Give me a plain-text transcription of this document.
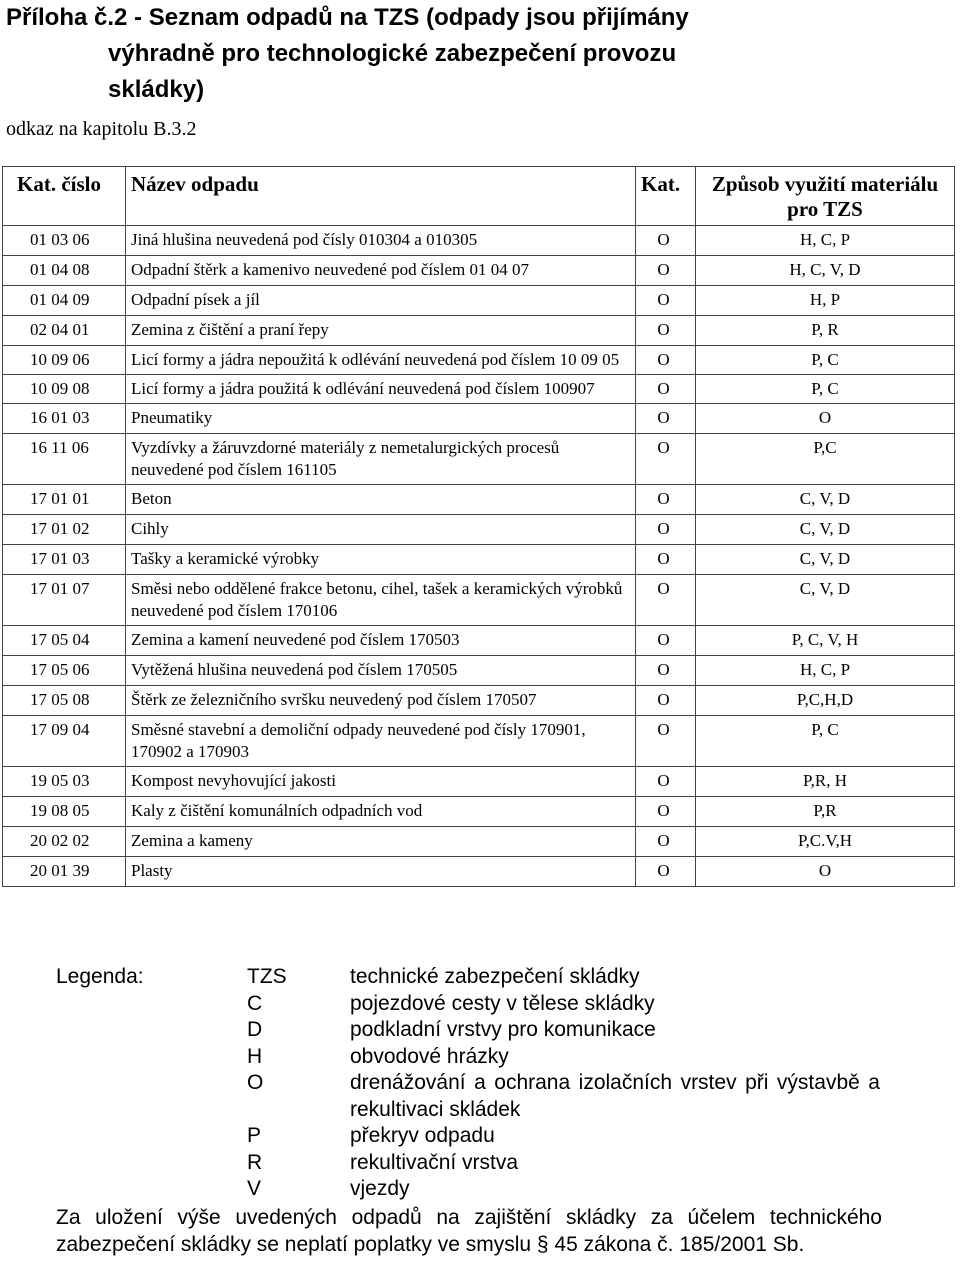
Příloha č.2 - Seznam odpadů na TZS (odpady jsou přijímány
výhradně pro technologické zabezpečení provozu
skládky)
odkaz na kapitolu B.3.2
Kat. číslo	Název odpadu	Kat.	Způsob využití materiálu pro TZS
01 03 06	Jiná hlušina neuvedená pod čísly 010304 a 010305	O	H, C, P
01 04 08	Odpadní štěrk a kamenivo neuvedené pod číslem 01 04 07	O	H, C, V, D
01 04 09	Odpadní písek a jíl	O	H, P
02 04 01	Zemina z čištění a praní řepy	O	P, R
10 09 06	Licí formy a jádra nepoužitá k odlévání neuvedená pod číslem 10 09 05	O	P, C
10 09 08	Licí formy a jádra použitá k odlévání neuvedená pod číslem 100907	O	P, C
16 01 03	Pneumatiky	O	O
16 11 06	Vyzdívky a žáruvzdorné materiály z nemetalurgických procesů neuvedené pod číslem 161105	O	P,C
17 01 01	Beton	O	C, V, D
17 01 02	Cihly	O	C, V, D
17 01 03	Tašky a keramické výrobky	O	C, V, D
17 01 07	Směsi nebo oddělené frakce betonu, cihel, tašek a keramických výrobků neuvedené pod číslem 170106	O	C, V, D
17 05 04	Zemina a kamení neuvedené pod číslem 170503	O	P, C, V, H
17 05 06	Vytěžená hlušina neuvedená pod číslem 170505	O	H, C, P
17 05 08	Štěrk ze železničního svršku neuvedený pod číslem 170507	O	P,C,H,D
17 09 04	Směsné stavební a demoliční odpady neuvedené pod čísly 170901, 170902 a 170903	O	P, C
19 05 03	Kompost nevyhovující jakosti	O	P,R, H
19 08 05	Kaly z čištění komunálních odpadních vod	O	P,R
20 02 02	Zemina a kameny	O	P,C.V,H
20 01 39	Plasty	O	O
Legenda:	TZS	technické zabezpečení skládky
C	pojezdové cesty v tělese skládky
D	podkladní vrstvy pro komunikace
H	obvodové hrázky
O	drenážování a ochrana izolačních vrstev při výstavbě a rekultivaci skládek
P	překryv odpadu
R	rekultivační vrstva
V	vjezdy
Za uložení výše uvedených odpadů na zajištění skládky za účelem technického zabezpečení skládky se neplatí poplatky ve smyslu § 45 zákona č. 185/2001 Sb.
